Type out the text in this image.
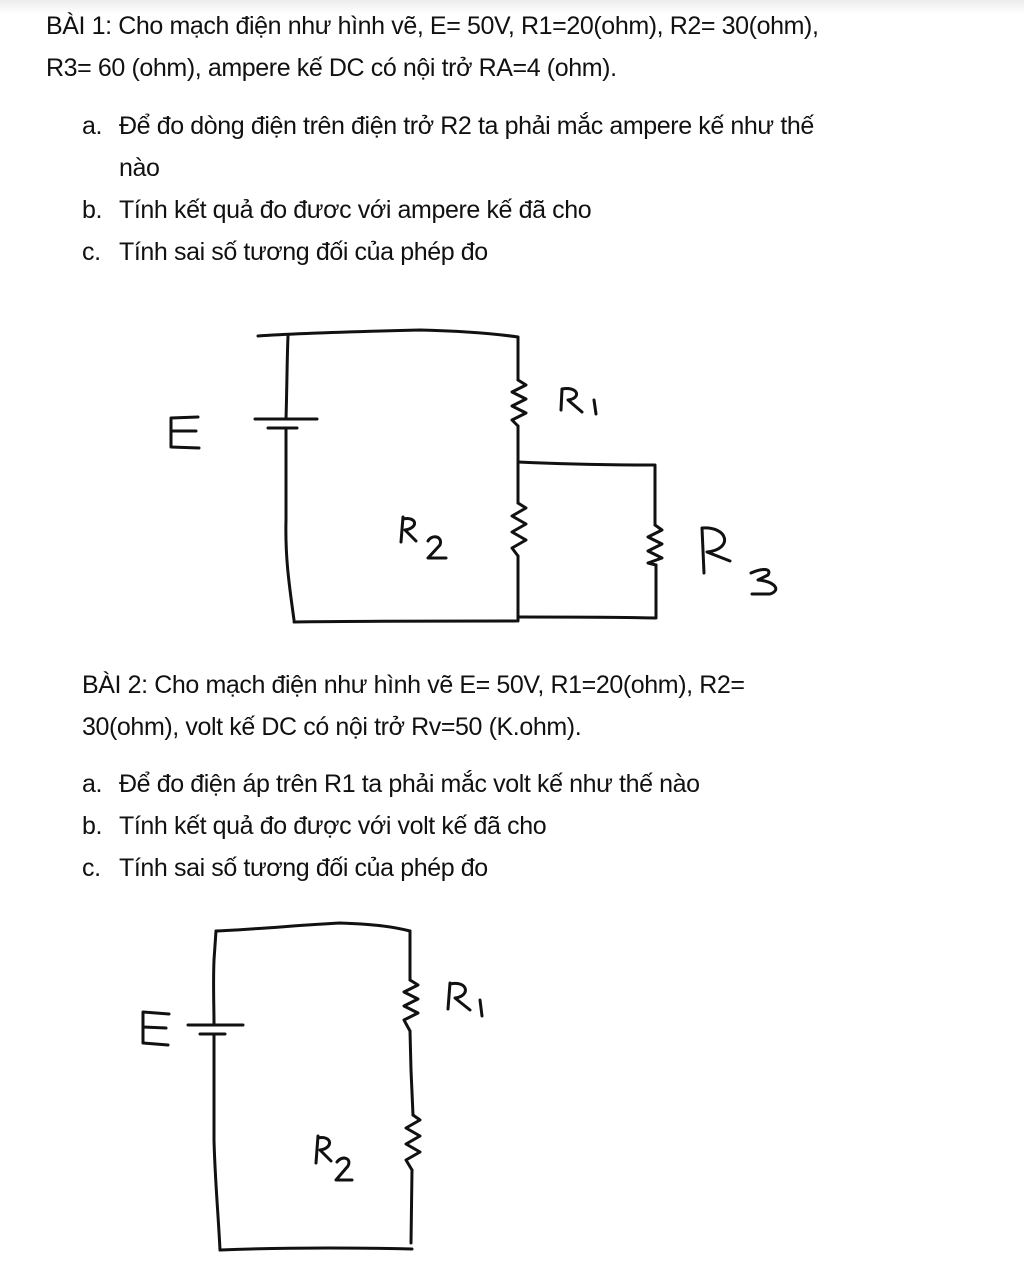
BÀI 1: Cho mạch điện như hình vẽ, E= 50V, R1=20(ohm), R2= 30(ohm),
R3= 60 (ohm), ampere kế DC có nội trở RA=4 (ohm).
a. Để đo dòng điện trên điện trở R2 ta phải mắc ampere kế như thế
nào
b. Tính kết quả đo đươc với ampere kế đã cho
c. Tính sai số tương đối của phép đo
BÀI 2: Cho mạch điện như hình vẽ E= 50V, R1=20(ohm), R2=
30(ohm), volt kế DC có nội trở Rv=50 (K.ohm).
a. Để đo điện áp trên R1 ta phải mắc volt kế như thế nào
b. Tính kết quả đo được với volt kế đã cho
c. Tính sai số tương đối của phép đo
